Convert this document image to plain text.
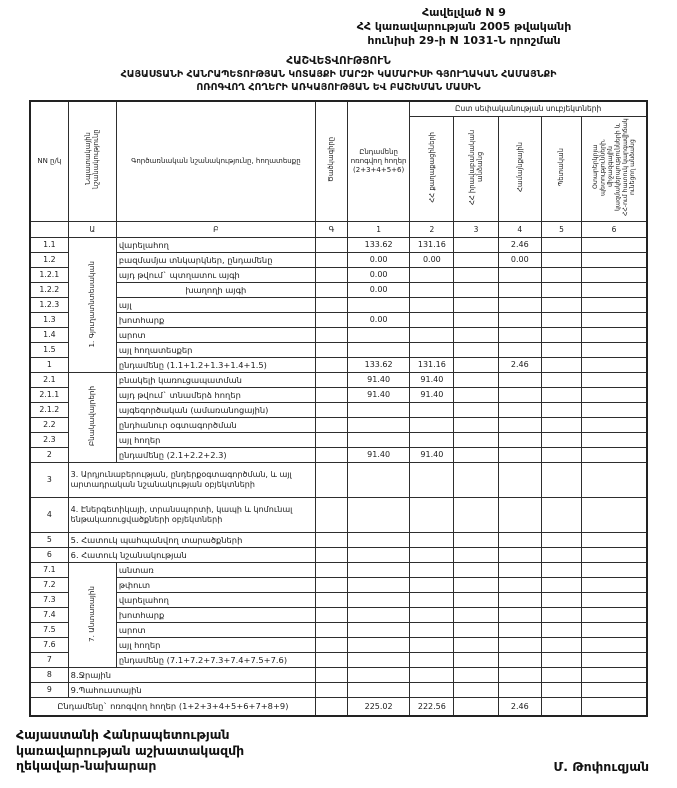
Հավելված N 9
ՀՀ կառավարության 2005 թվականի
հունիսի 29-ի N 1031-Ն որոշման
ՀԱՇՎԵՏՎՈՒԹՅՈՒՆ
ՀԱՅԱՍՏԱՆԻ ՀԱՆՐԱՊԵՏՈՒԹՅԱՆ ԿՈՏԱՅՔԻ ՄԱՐԶԻ ԿԱՄԱՐԻՍԻ ԳՅՈՒՂԱԿԱՆ ՀԱՄԱՅՆՔԻ
ՈՌՈԳՎՈՂ ՀՈՂԵՐԻ ԱՌԿԱՅՈՒԹՅԱՆ ԵՎ ԲԱՇԽՄԱՆ ՄԱՍԻՆ
NN ը/կ	Նպատակային նշանակությունը	Գործառնական նշանակությունը, հողատեսքը	Ծածկագիրը	Ընդամենը ոռոգվող հողեր (2+3+4+5+6)	Ըստ սեփականության սուբյեկտների				
					ՀՀ քաղաքացիների	ՀՀ իրավաբանական անձանց	Համայնքային	Պետական	Օտարերկրյա պետությունների, միջազգային կազմակերպությունների և ՀՀ-ում հատուկ կարգավիճակ ունեցող անձանց
	Ա	Բ	Գ	1	2	3	4	5	6
1.1	1. Գյուղատնտեսական	վարելահող		133.62	131.16		2.46		
1.2		բազմամյա տնկարկներ, ընդամենը		0.00	0.00		0.00		
1.2.1		այդ թվում` պտղատու այգի		0.00					
1.2.2		խաղողի այգի		0.00					
1.2.3		այլ							
1.3		խոտհարք		0.00					
1.4		արոտ							
1.5		այլ հողատեսքեր							
1		ընդամենը (1.1+1.2+1.3+1.4+1.5)		133.62	131.16		2.46		
2.1	Բնակավայրերի	բնակելի կառուցապատման		91.40	91.40				
2.1.1		այդ թվում` տնամերձ հողեր		91.40	91.40				
2.1.2		այգեգործական (ամառանոցային)							
2.2		ընդհանուր օգտագործման							
2.3		այլ հողեր							
2		ընդամենը (2.1+2.2+2.3)		91.40	91.40				
3	3. Արդյունաբերության, ընդերքօգտագործման, և այլ արտադրական նշանակության օբյեկտների								
4	4. Էներգետիկայի, տրանսպորտի, կապի և կոմունալ ենթակառուցվածքների օբյեկտների								
5	5. Հատուկ պահպանվող տարածքների								
6	6. Հատուկ նշանակության								
7.1	7. Անտառային	անտառ							
7.2		թփուտ							
7.3		վարելահող							
7.4		խոտհարք							
7.5		արոտ							
7.6		այլ հողեր							
7		ընդամենը (7.1+7.2+7.3+7.4+7.5+7.6)							
8	8.Ջրային								
9	9.Պահուստային								
Ընդամենը` ոռոգվող հողեր (1+2+3+4+5+6+7+8+9)				225.02	222.56		2.46		
Հայաստանի Հանրապետության
կառավարության աշխատակազմի
ղեկավար-նախարար	Մ. Թոփուզյան
